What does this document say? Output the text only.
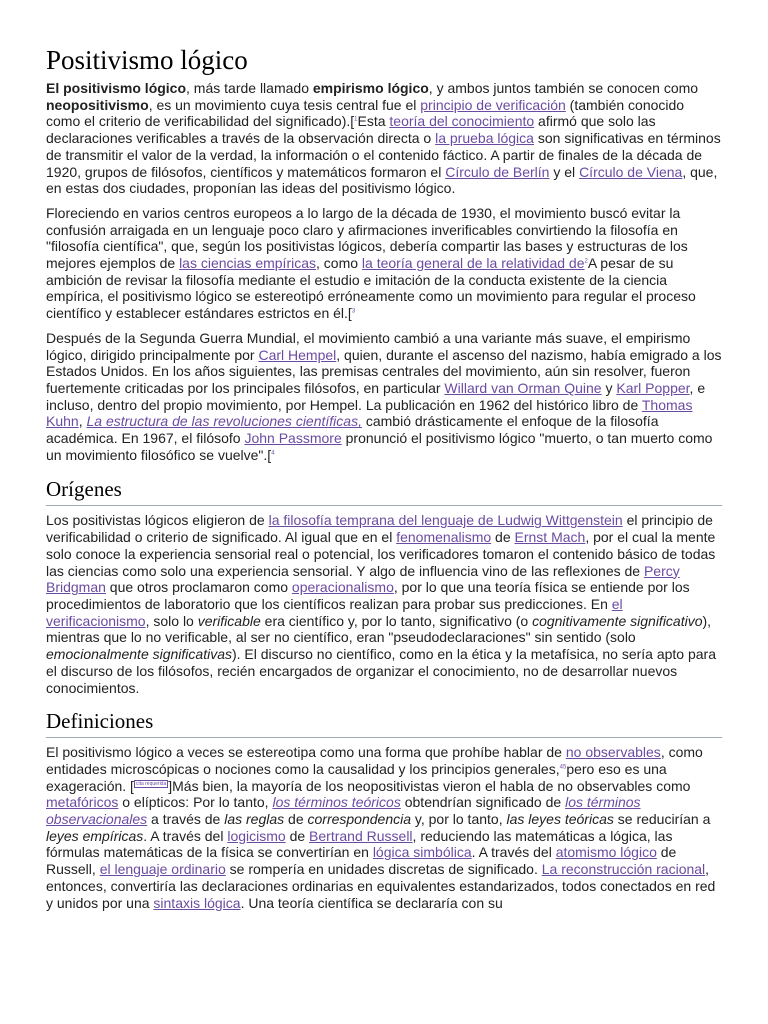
Positivismo lógico

El positivismo lógico, más tarde llamado empirismo lógico, y ambos juntos también se conocen como neopositivismo, es un movimiento cuya tesis central fue el principio de verificación (también conocido como el criterio de verificabilidad del significado).[$^1$Esta teoría del conocimiento afirmó que solo las declaraciones verificables a través de la observación directa o la prueba lógica son significativas en términos de transmitir el valor de la verdad, la información o el contenido fáctico. A partir de finales de la década de 1920, grupos de filósofos, científicos y matemáticos formaron el Círculo de Berlín y el Círculo de Viena, que, en estas dos ciudades, proponían las ideas del positivismo lógico.

Floreciendo en varios centros europeos a lo largo de la década de 1930, el movimiento buscó evitar la confusión arraigada en un lenguaje poco claro y afirmaciones inverificables convirtiendo la filosofía en "filosofía científica", que, según los positivistas lógicos, debería compartir las bases y estructuras de los mejores ejemplos de las ciencias empíricas, como la teoría general de la relatividad $de^2A$ pesar de su ambición de revisar la filosofía mediante el estudio e imitación de la conducta existente de la ciencia empírica, el positivismo lógico se estereotipó erróneamente como un movimiento para regular el proceso científico y establecer estándares estrictos en él.[$^3$

Después de la Segunda Guerra Mundial, el movimiento cambió a una variante más suave, el empirismo lógico, dirigido principalmente por Carl Hempel, quien, durante el ascenso del nazismo, había emigrado a los Estados Unidos. En los años siguientes, las premisas centrales del movimiento, aún sin resolver, fueron fuertemente criticadas por los principales filósofos, en particular Willard van Orman Quine y Karl Popper, e incluso, dentro del propio movimiento, por Hempel. La publicación en 1962 del histórico libro de Thomas Kuhn, La estructura de las revoluciones científicas, cambió drásticamente el enfoque de la filosofía académica. En 1967, el filósofo John Passmore pronunció el positivismo lógico "muerto, o tan muerto como un movimiento filosófico se vuelve".[$^4$

Orígenes

Los positivistas lógicos eligieron de la filosofía temprana del lenguaje de Ludwig Wittgenstein el principio de verificabilidad o criterio de significado. Al igual que en el fenomenalismo de Ernst Mach, por el cual la mente solo conoce la experiencia sensorial real o potencial, los verificadores tomaron el contenido básico de todas las ciencias como solo una experiencia sensorial. Y algo de influencia vino de las reflexiones de Percy Bridgman que otros proclamaron como operacionalismo, por lo que una teoría física se entiende por los procedimientos de laboratorio que los científicos realizan para probar sus predicciones. En el verificacionismo, solo lo verificable era científico y, por lo tanto, significativo (o cognitivamente significativo), mientras que lo no verificable, al ser no científico, eran "pseudodeclaraciones" sin sentido (solo emocionalmente significativas). El discurso no científico, como en la ética y la metafísica, no sería apto para el discurso de los filósofos, recién encargados de organizar el conocimiento, no de desarrollar nuevos conocimientos.

Definiciones

El positivismo lógico a veces se estereotipa como una forma que prohíbe hablar de no observables, como entidades microscópicas o nociones como la causalidad y los principios generales,$^{45}$pero eso es una exageración. [ $^{cita requerida}$ ]Más bien, la mayoría de los neopositivistas vieron el habla de no observables como metafóricos o elípticos: Por lo tanto, los términos teóricos obtendrían significado de los términos observacionales a través de las reglas de correspondencia y, por lo tanto, las leyes teóricas se reducirían a leyes empíricas. A través del logicismo de Bertrand Russell, reduciendo las matemáticas a lógica, las fórmulas matemáticas de la física se convertirían en lógica simbólica. A través del atomismo lógico de Russell, el lenguaje ordinario se rompería en unidades discretas de significado. La reconstrucción racional, entonces, convertiría las declaraciones ordinarias en equivalentes estandarizados, todos conectados en red y unidos por una sintaxis lógica. Una teoría científica se declararía con su
